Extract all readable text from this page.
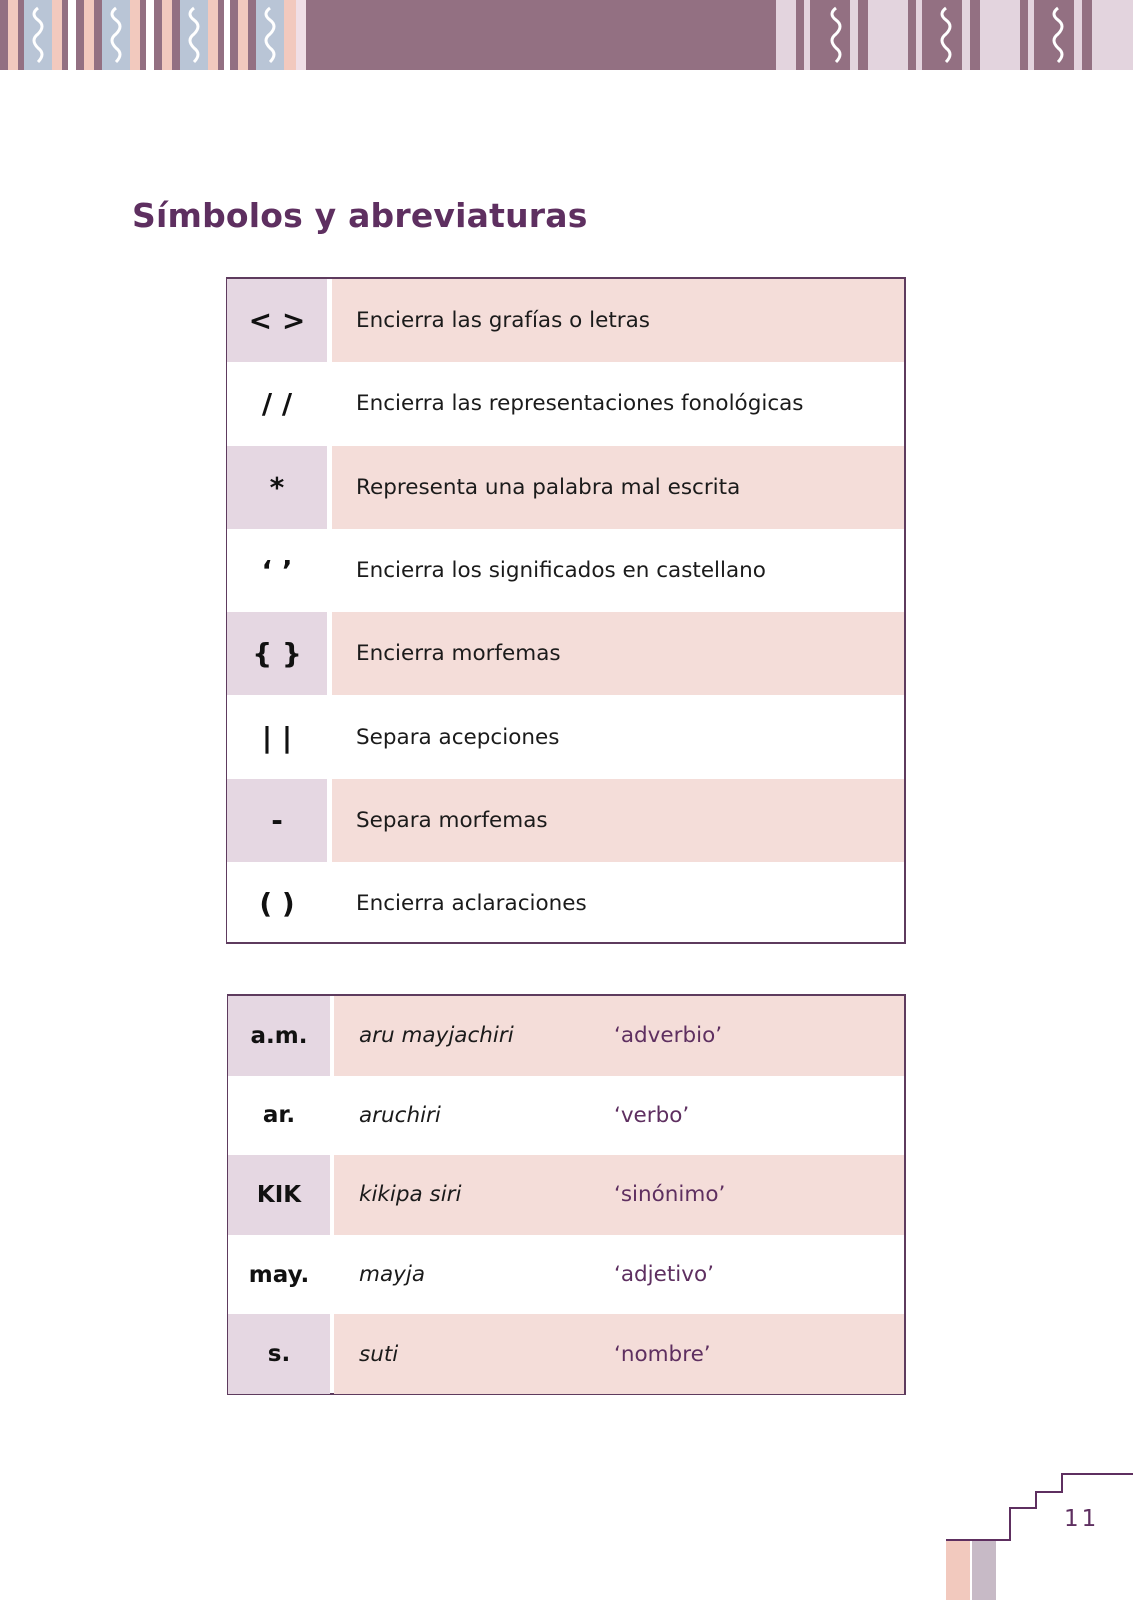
Símbolos y abreviaturas
< >	Encierra las grafías o letras
/ /	Encierra las representaciones fonológicas
*	Representa una palabra mal escrita
‘ ’	Encierra los significados en castellano
{ }	Encierra morfemas
| |	Separa acepciones
-	Separa morfemas
( )	Encierra aclaraciones
a.m.	aru mayjachiri	‘adverbio’
ar.	aruchiri	‘verbo’
KIK	kikipa siri	‘sinónimo’
may.	mayja	‘adjetivo’
s.	suti	‘nombre’
11
